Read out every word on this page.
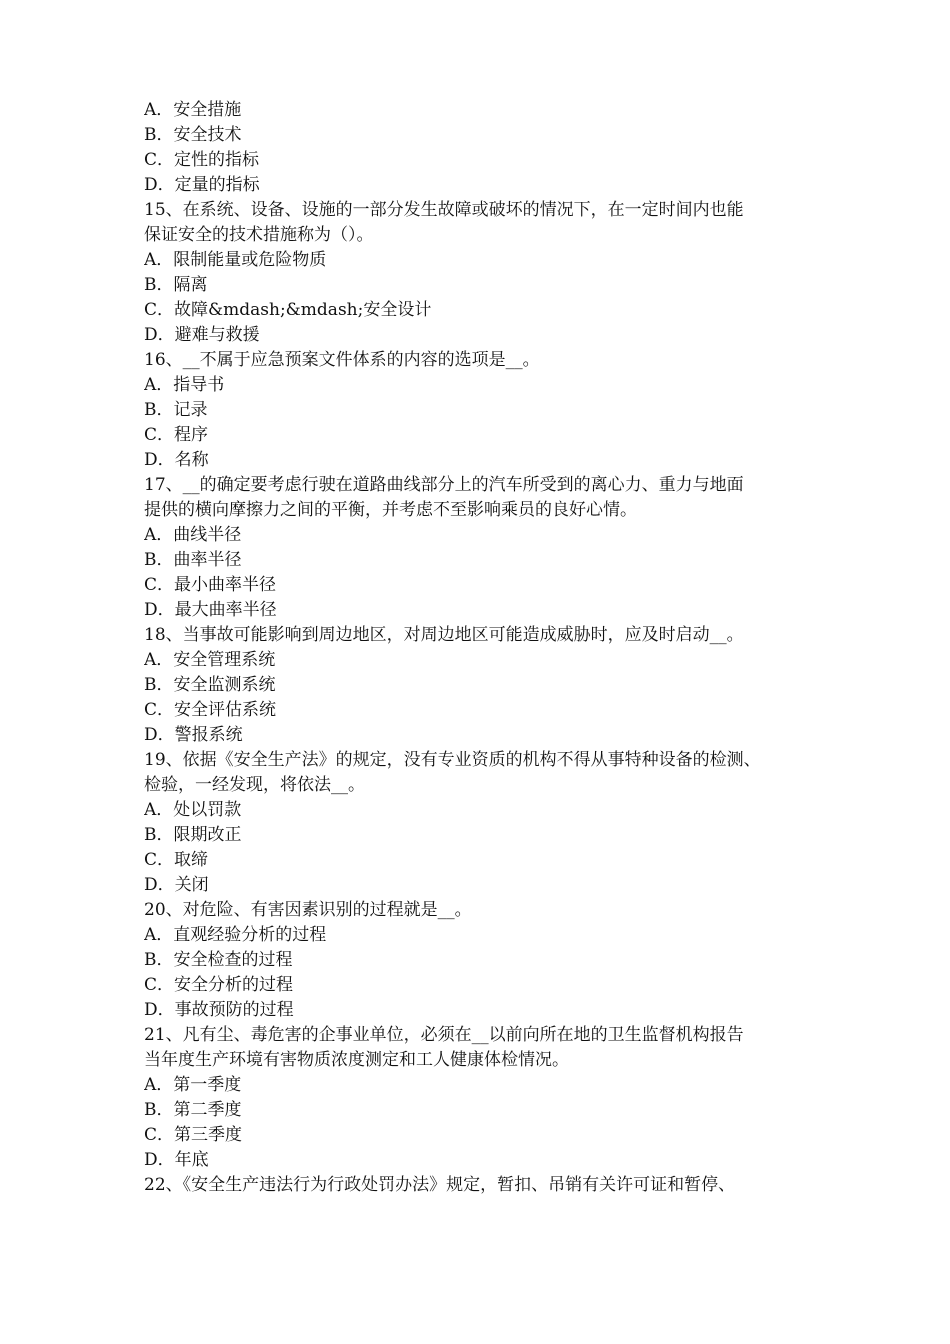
A．安全措施
B．安全技术
C．定性的指标
D．定量的指标
15、在系统、设备、设施的一部分发生故障或破坏的情况下，在一定时间内也能
保证安全的技术措施称为（）。
A．限制能量或危险物质
B．隔离
C．故障&mdash;&mdash;安全设计
D．避难与救援
16、__不属于应急预案文件体系的内容的选项是__。
A．指导书
B．记录
C．程序
D．名称
17、__的确定要考虑行驶在道路曲线部分上的汽车所受到的离心力、重力与地面
提供的横向摩擦力之间的平衡，并考虑不至影响乘员的良好心情。
A．曲线半径
B．曲率半径
C．最小曲率半径
D．最大曲率半径
18、当事故可能影响到周边地区，对周边地区可能造成威胁时，应及时启动__。
A．安全管理系统
B．安全监测系统
C．安全评估系统
D．警报系统
19、依据《安全生产法》的规定，没有专业资质的机构不得从事特种设备的检测、
检验，一经发现，将依法__。
A．处以罚款
B．限期改正
C．取缔
D．关闭
20、对危险、有害因素识别的过程就是__。
A．直观经验分析的过程
B．安全检查的过程
C．安全分析的过程
D．事故预防的过程
21、凡有尘、毒危害的企事业单位，必须在__以前向所在地的卫生监督机构报告
当年度生产环境有害物质浓度测定和工人健康体检情况。
A．第一季度
B．第二季度
C．第三季度
D．年底
22、《安全生产违法行为行政处罚办法》规定，暂扣、吊销有关许可证和暂停、
